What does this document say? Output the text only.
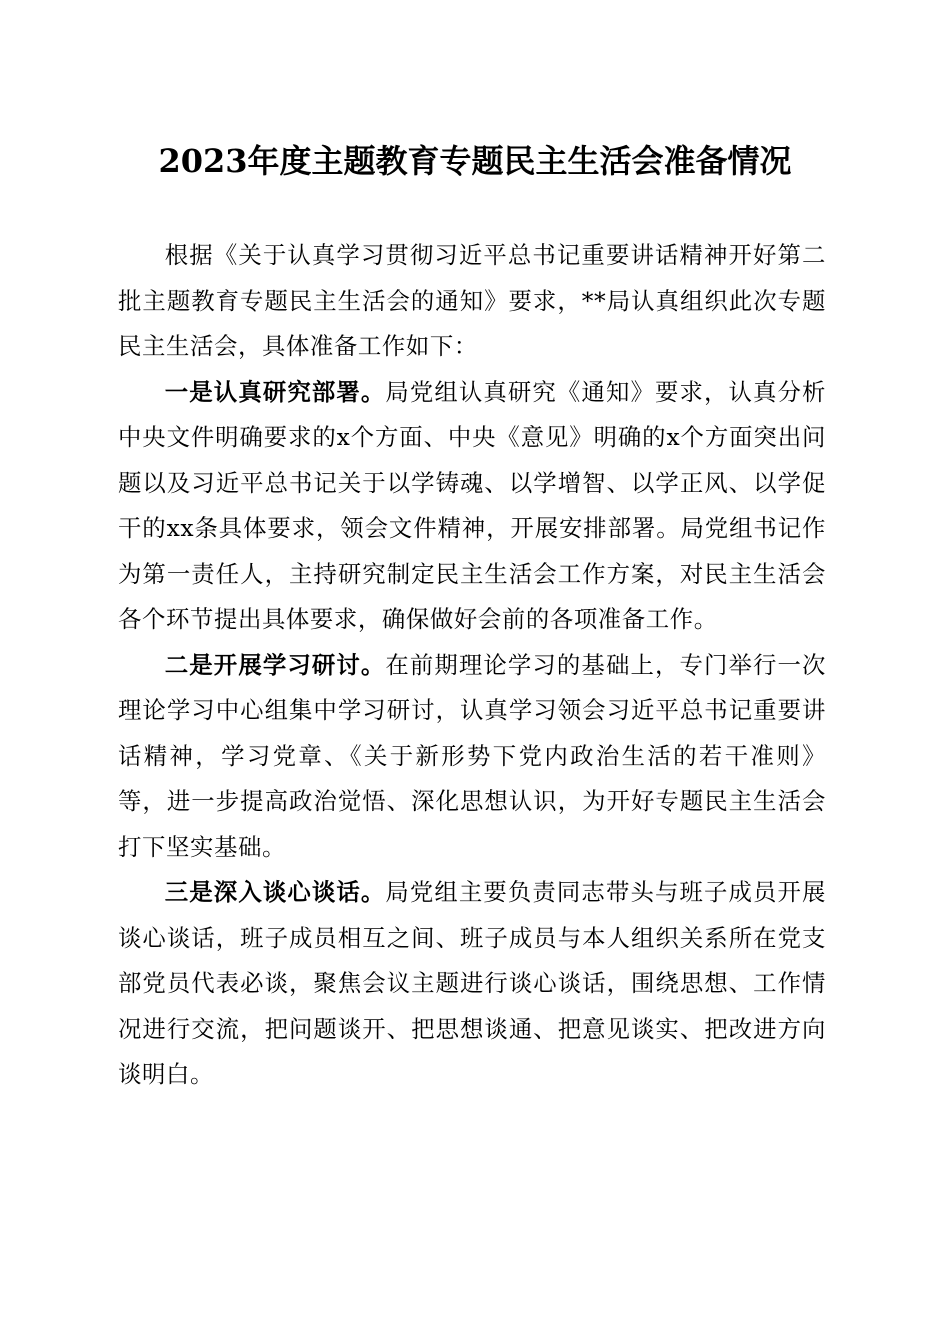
2023年度主题教育专题民主生活会准备情况

根据《关于认真学习贯彻习近平总书记重要讲话精神开好第二批主题教育专题民主生活会的通知》要求，**局认真组织此次专题民主生活会，具体准备工作如下：

一是认真研究部署。局党组认真研究《通知》要求，认真分析中央文件明确要求的x个方面、中央《意见》明确的x个方面突出问题以及习近平总书记关于以学铸魂、以学增智、以学正风、以学促干的xx条具体要求，领会文件精神，开展安排部署。局党组书记作为第一责任人，主持研究制定民主生活会工作方案，对民主生活会各个环节提出具体要求，确保做好会前的各项准备工作。

二是开展学习研讨。在前期理论学习的基础上，专门举行一次理论学习中心组集中学习研讨，认真学习领会习近平总书记重要讲话精神，学习党章、《关于新形势下党内政治生活的若干准则》等，进一步提高政治觉悟、深化思想认识，为开好专题民主生活会打下坚实基础。

三是深入谈心谈话。局党组主要负责同志带头与班子成员开展谈心谈话，班子成员相互之间、班子成员与本人组织关系所在党支部党员代表必谈，聚焦会议主题进行谈心谈话，围绕思想、工作情况进行交流，把问题谈开、把思想谈通、把意见谈实、把改进方向谈明白。
